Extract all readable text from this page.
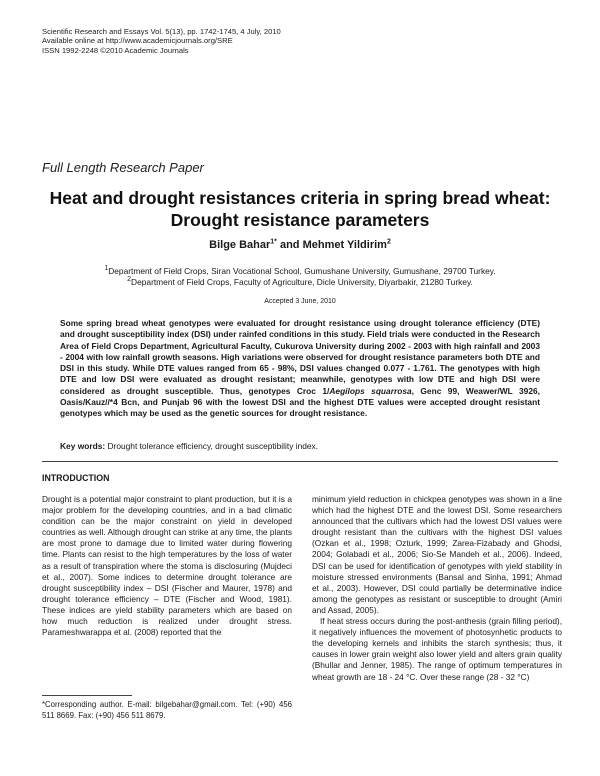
Scientific Research and Essays Vol. 5(13), pp. 1742-1745, 4 July, 2010
Available online at http://www.academicjournals.org/SRE
ISSN 1992-2248 ©2010 Academic Journals
Full Length Research Paper
Heat and drought resistances criteria in spring bread wheat: Drought resistance parameters
Bilge Bahar$^{1*}$ and Mehmet Yildirim$^2$
$^1$Department of Field Crops, Siran Vocational School, Gumushane University, Gumushane, 29700 Turkey.
$^2$Department of Field Crops, Faculty of Agriculture, Dicle University, Diyarbakir, 21280 Turkey.
Accepted 3 June, 2010
Some spring bread wheat genotypes were evaluated for drought resistance using drought tolerance efficiency (DTE) and drought susceptibility index (DSI) under rainfed conditions in this study. Field trials were conducted in the Research Area of Field Crops Department, Agricultural Faculty, Cukurova University during 2002 - 2003 with high rainfall and 2003 - 2004 with low rainfall growth seasons. High variations were observed for drought resistance parameters both DTE and DSI in this study. While DTE values ranged from 65 - 98%, DSI values changed 0.077 - 1.761. The genotypes with high DTE and low DSI were evaluated as drought resistant; meanwhile, genotypes with low DTE and high DSI were considered as drought susceptible. Thus, genotypes Croc 1/Aegilops squarrosa, Genc 99, Weawer/WL 3926, Oasis/Kauz//*4 Bcn, and Punjab 96 with the lowest DSI and the highest DTE values were accepted drought resistant genotypes which may be used as the genetic sources for drought resistance.
Key words: Drought tolerance efficiency, drought susceptibility index.
INTRODUCTION

Drought is a potential major constraint to plant production, but it is a major problem for the developing countries, and in a bad climatic condition can be the major constraint on yield in developed countries as well. Although drought can strike at any time, the plants are most prone to damage due to limited water during flowering time. Plants can resist to the high temperatures by the loss of water as a result of transpiration where the stoma is disclosuring (Mujdeci et al., 2007). Some indices to determine drought tolerance are drought susceptibility index – DSI (Fischer and Maurer, 1978) and drought tolerance efficiency – DTE (Fischer and Wood, 1981). These indices are yield stability parameters which are based on how much reduction is realized under drought stress. Parameshwarappa et al. (2008) reported that the

minimum yield reduction in chickpea genotypes was shown in a line which had the highest DTE and the lowest DSI. Some researchers announced that the cultivars which had the lowest DSI values were drought resistant than the cultivars with the highest DSI values (Ozkan et al., 1998; Ozturk, 1999; Zarea-Fizabady and Ghodsi, 2004; Golabadi et al., 2006; Sio-Se Mandeh et al., 2006). Indeed, DSI can be used for identification of genotypes with yield stability in moisture stressed environments (Bansal and Sinha, 1991; Ahmad et al., 2003). However, DSI could partially be determinative indice among the genotypes as resistant or susceptible to drought (Amiri and Assad, 2005).

If heat stress occurs during the post-anthesis (grain filling period), it negatively influences the movement of photosynhetic products to the developing kernels and inhibits the starch synthesis; thus, it causes in lower grain weight also lower yield and alters grain quality (Bhullar and Jenner, 1985). The range of optimum temperatures in wheat growth are 18 - 24 °C. Over these range (28 - 32 °C)

*Corresponding author. E-mail: bilgebahar@gmail.com. Tel: (+90) 456 511 8669. Fax: (+90) 456 511 8679.
